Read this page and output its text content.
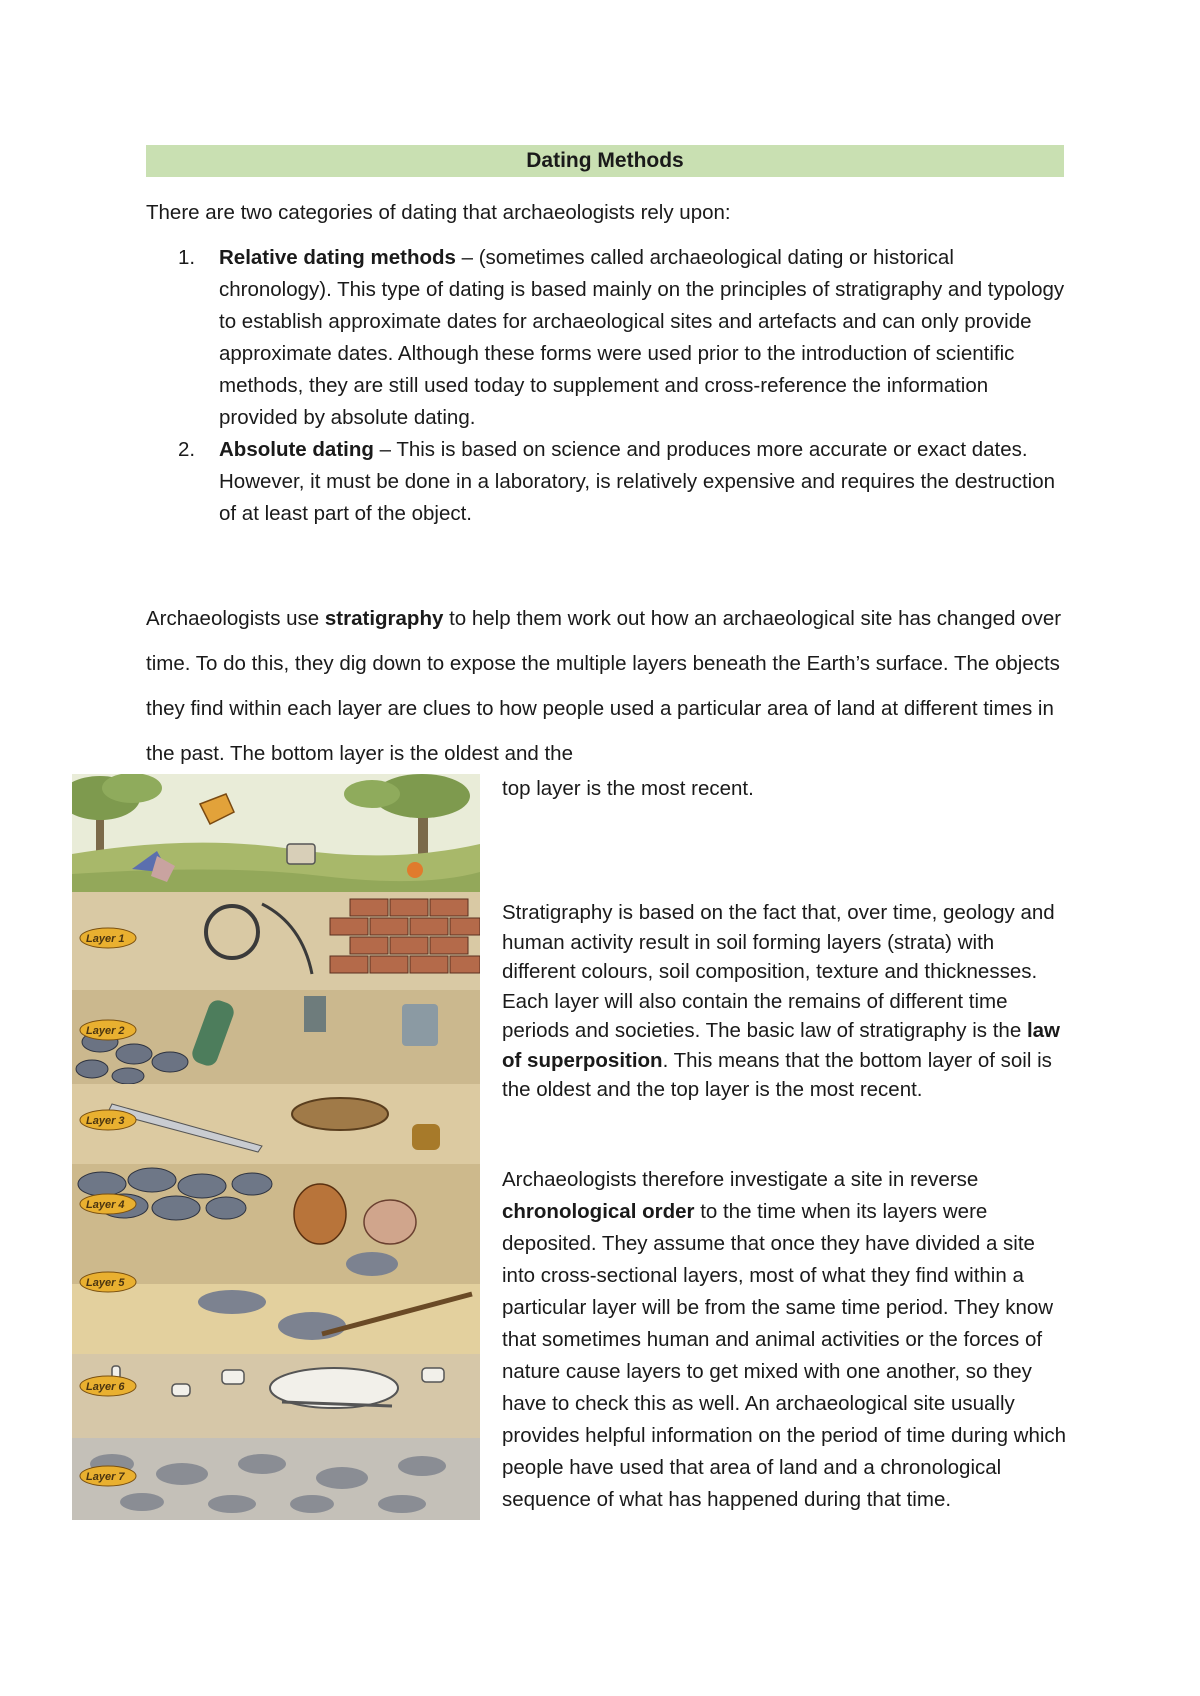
Dating Methods
There are two categories of dating that archaeologists rely upon:
1. Relative dating methods – (sometimes called archaeological dating or historical chronology). This type of dating is based mainly on the principles of stratigraphy and typology to establish approximate dates for archaeological sites and artefacts and can only provide approximate dates. Although these forms were used prior to the introduction of scientific methods, they are still used today to supplement and cross-reference the information provided by absolute dating.
2. Absolute dating – This is based on science and produces more accurate or exact dates. However, it must be done in a laboratory, is relatively expensive and requires the destruction of at least part of the object.
Archaeologists use stratigraphy to help them work out how an archaeological site has changed over time. To do this, they dig down to expose the multiple layers beneath the Earth’s surface. The objects they find within each layer are clues to how people used a particular area of land at different times in the past. The bottom layer is the oldest and the
top layer is the most recent.
Stratigraphy is based on the fact that, over time, geology and human activity result in soil forming layers (strata) with different colours, soil composition, texture and thicknesses. Each layer will also contain the remains of different time periods and societies. The basic law of stratigraphy is the law of superposition. This means that the bottom layer of soil is the oldest and the top layer is the most recent.
Archaeologists therefore investigate a site in reverse chronological order to the time when its layers were deposited. They assume that once they have divided a site into cross-sectional layers, most of what they find within a particular layer will be from the same time period. They know that sometimes human and animal activities or the forces of nature cause layers to get mixed with one another, so they have to check this as well. An archaeological site usually provides helpful information on the period of time during which people have used that area of land and a chronological sequence of what has happened during that time.
Layer 1
Layer 2
Layer 3
Layer 4
Layer 5
Layer 6
Layer 7
